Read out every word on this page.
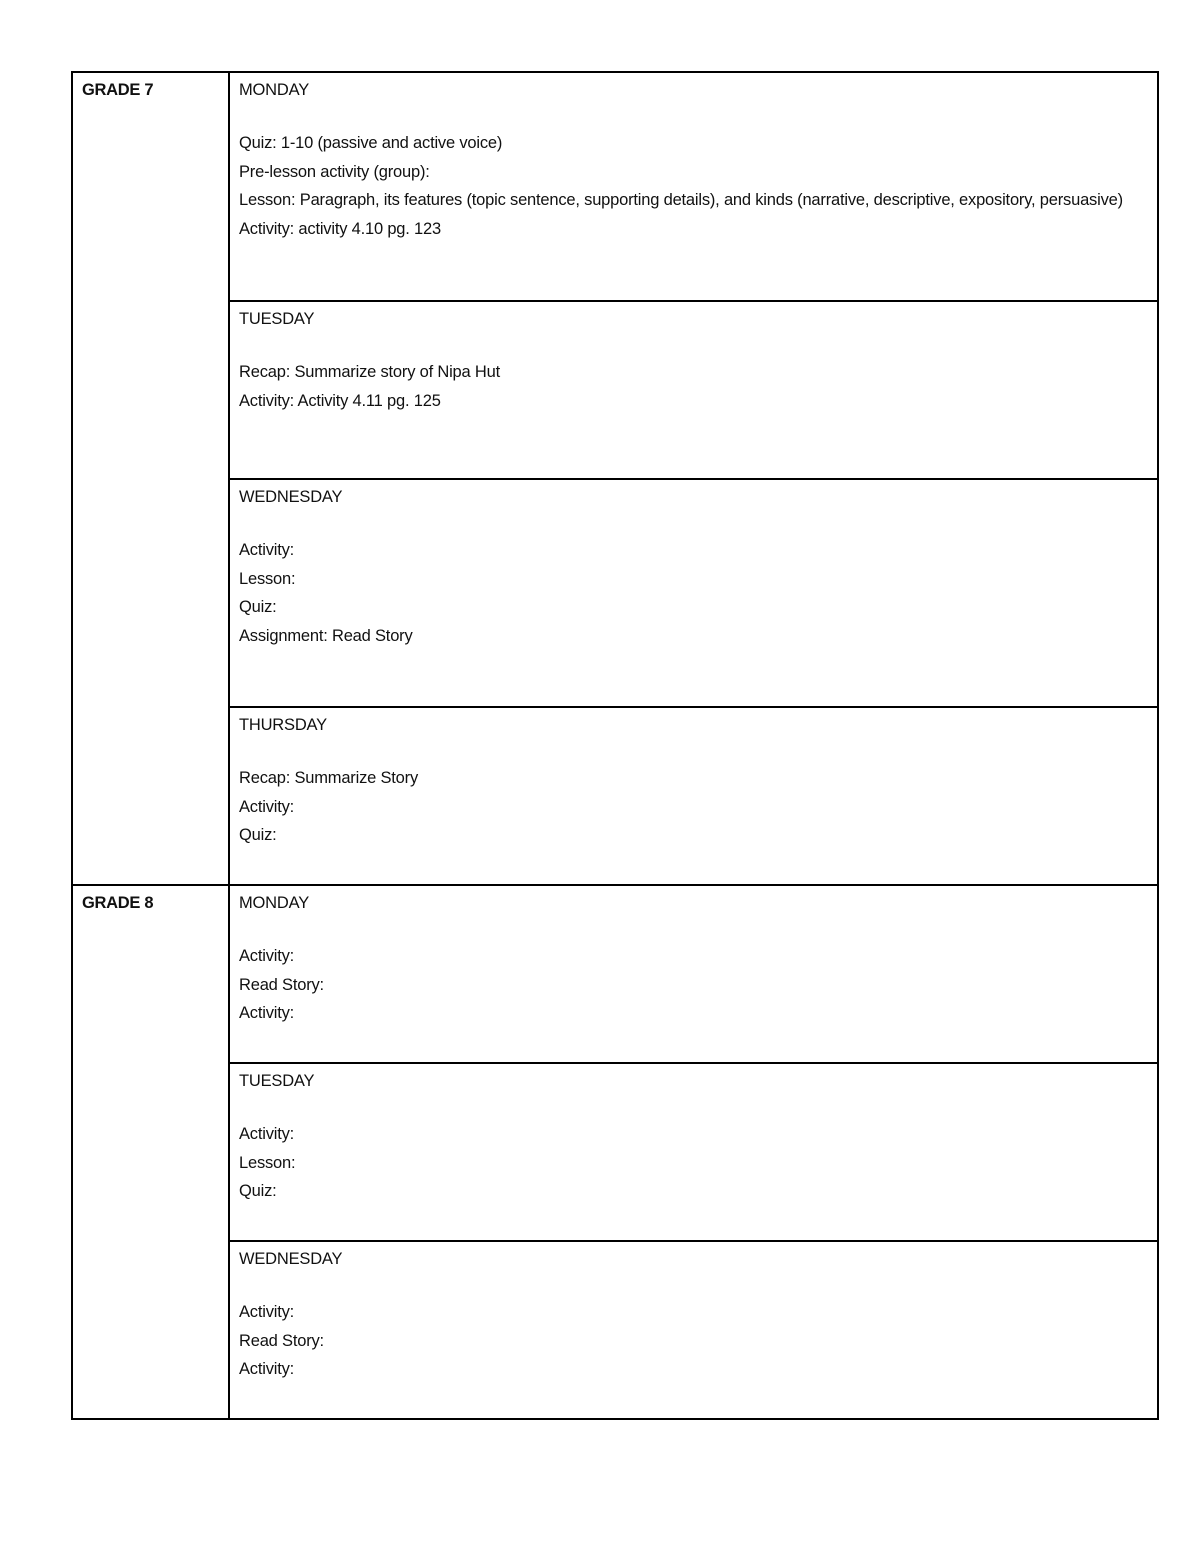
GRADE 7	MONDAY
Quiz: 1-10 (passive and active voice)
Pre-lesson activity (group):
Lesson: Paragraph, its features (topic sentence, supporting details), and kinds (narrative, descriptive, expository, persuasive)
Activity: activity 4.10 pg. 123

	TUESDAY
Recap: Summarize story of Nipa Hut
Activity: Activity 4.11 pg. 125

	WEDNESDAY
Activity:
Lesson:
Quiz:
Assignment: Read Story

	THURSDAY
Recap: Summarize Story
Activity:
Quiz:

GRADE 8	MONDAY
Activity:
Read Story:
Activity:

	TUESDAY
Activity:
Lesson:
Quiz:

	WEDNESDAY
Activity:
Read Story:
Activity:
